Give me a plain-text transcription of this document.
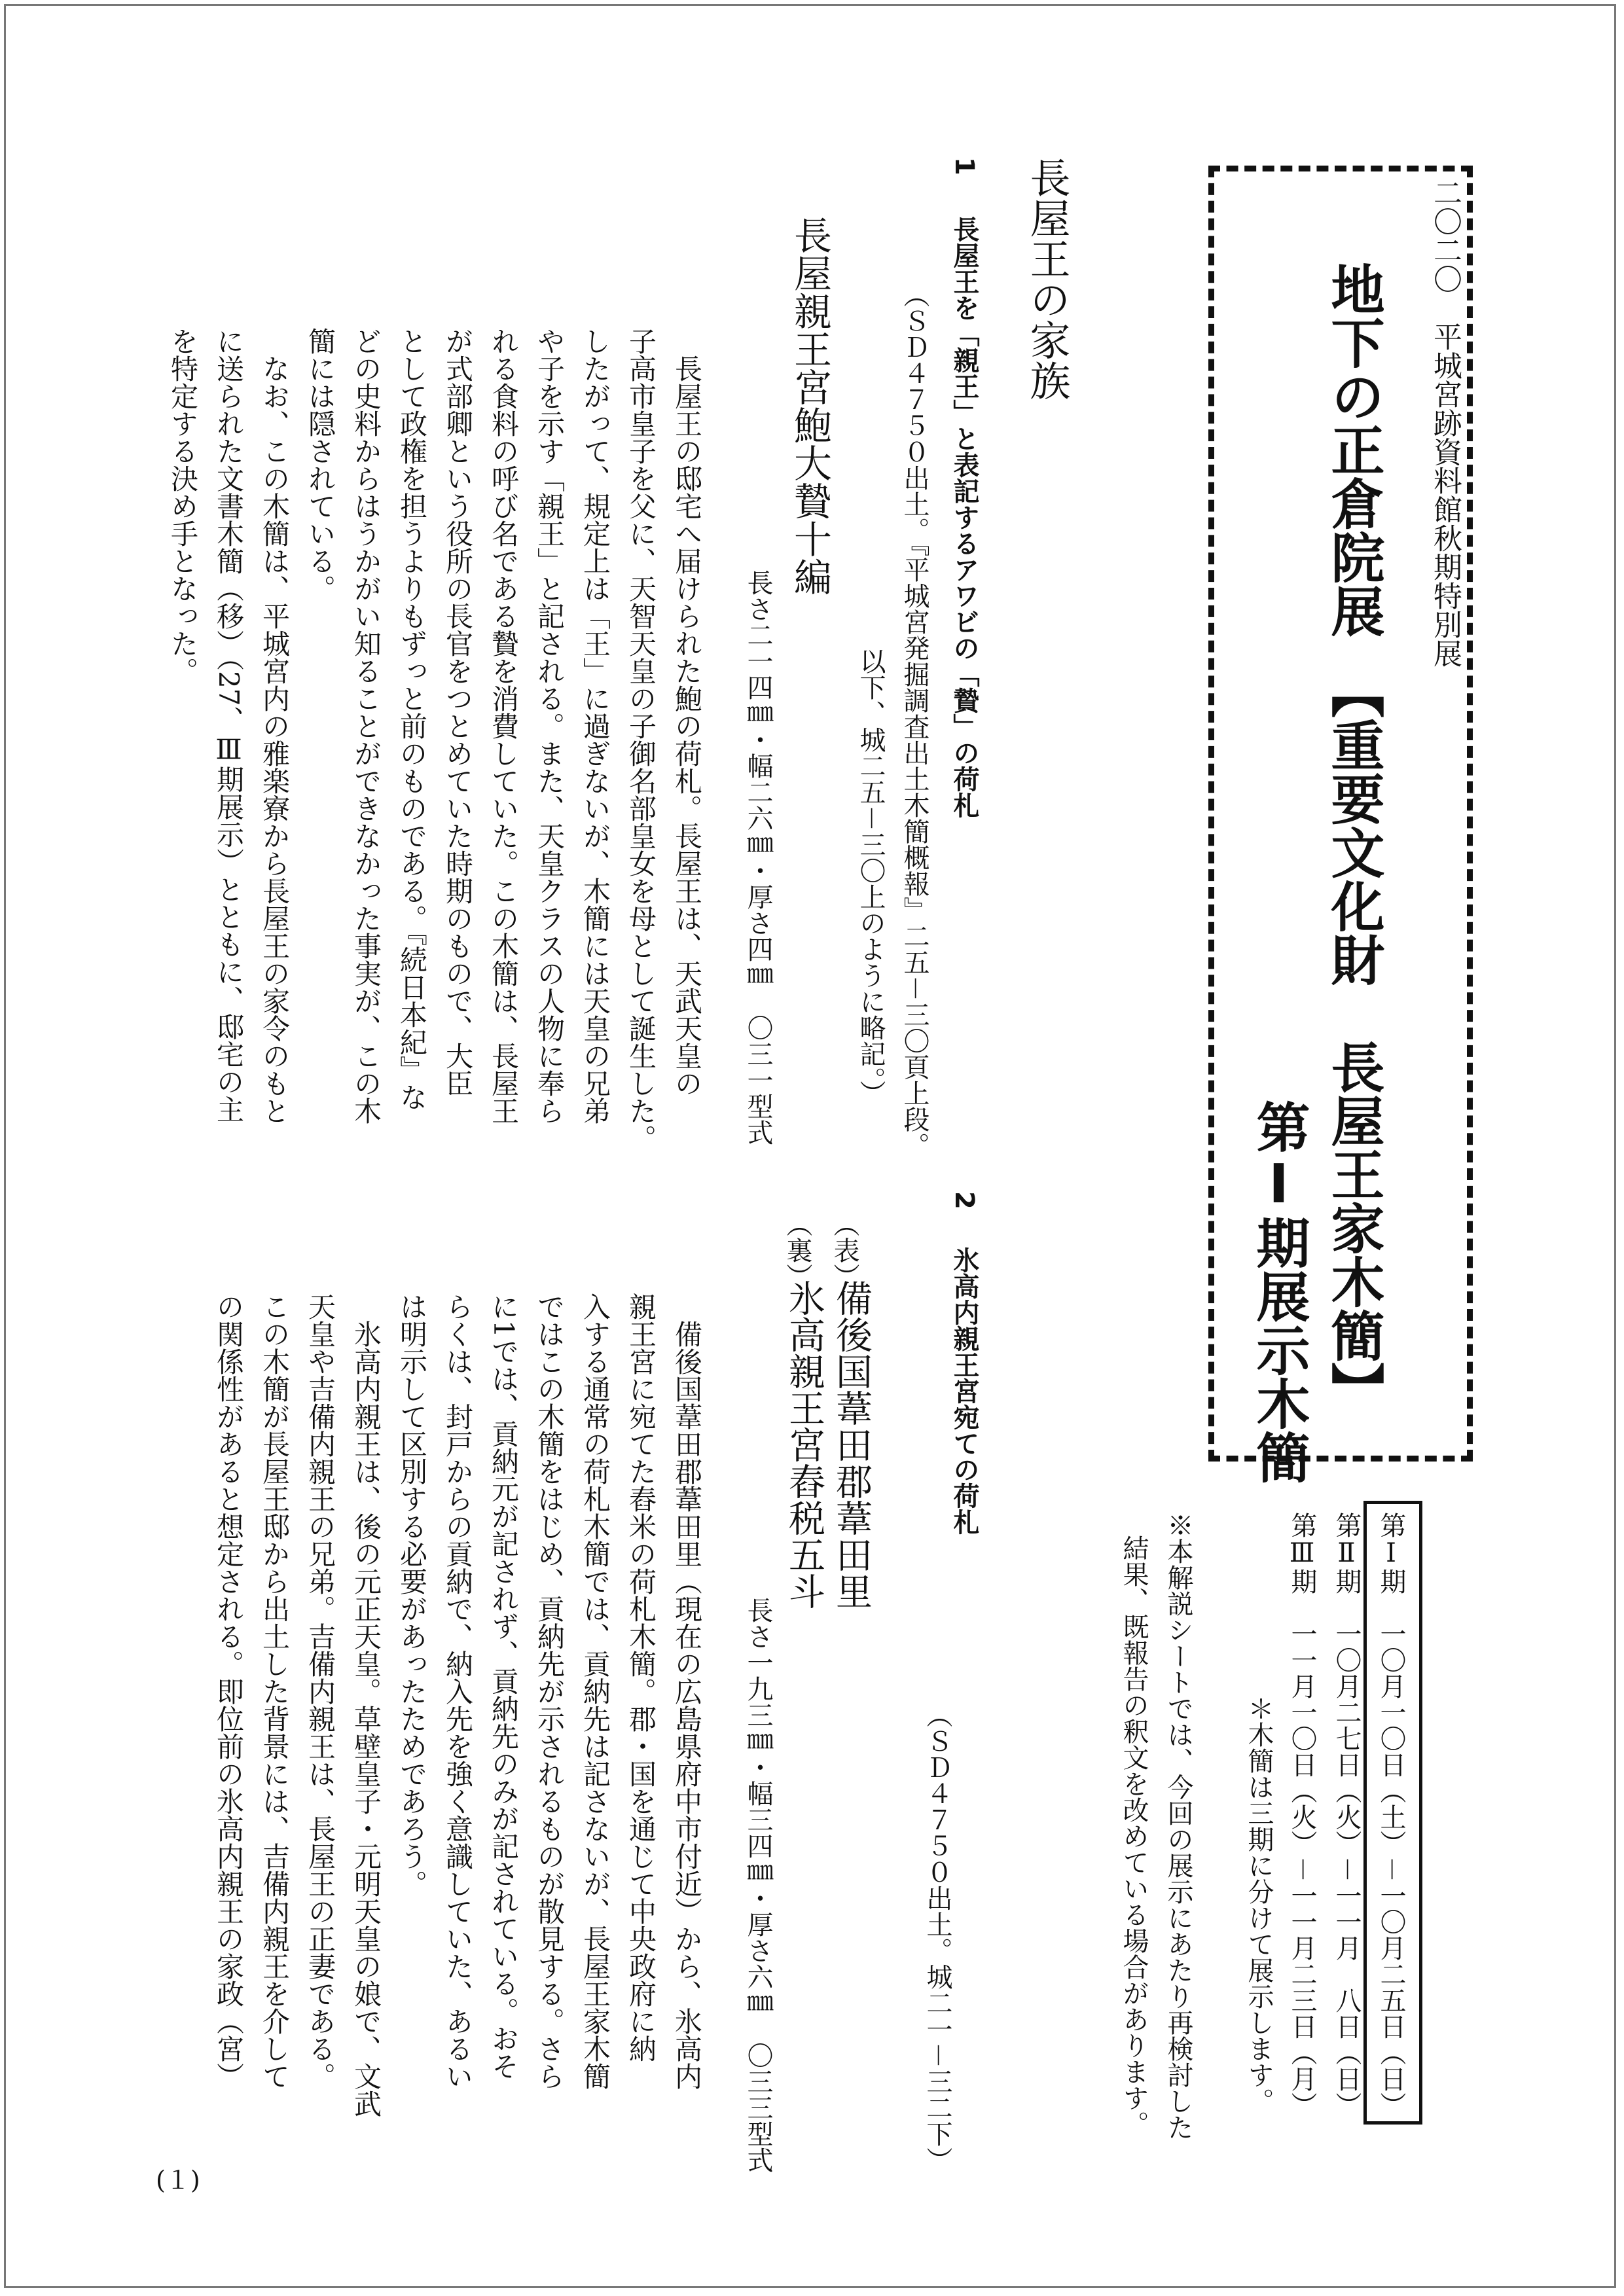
二〇二〇　平城宮跡資料館秋期特別展
地下の正倉院展　【重要文化財　長屋王家木簡】
第Ⅰ期展示木簡
第Ⅰ期　一〇月一〇日（土）－一〇月二五日（日）
第Ⅱ期　一〇月二七日（火）－一一月　八日（日）
第Ⅲ期　一一月一〇日（火）－一一月二三日（月）
＊木簡は三期に分けて展示します。
※本解説シートでは、今回の展示にあたり再検討した
結果、既報告の釈文を改めている場合があります。
長屋王の家族
1
長屋王を「親王」と表記するアワビの「贄」の荷札
（ＳＤ４７５０出土。『平城宮発掘調査出土木簡概報』二五－三〇頁上段。
以下、城二五－三〇上のように略記。）
長屋親王宮鮑大贄十編
長さ二一四㎜・幅二六㎜・厚さ四㎜　〇三一型式
　長屋王の邸宅へ届けられた鮑の荷札。長屋王は、天武天皇の
子高市皇子を父に、天智天皇の子御名部皇女を母として誕生した。
したがって、規定上は「王」に過ぎないが、木簡には天皇の兄弟
や子を示す「親王」と記される。また、天皇クラスの人物に奉ら
れる食料の呼び名である贄を消費していた。この木簡は、長屋王
が式部卿という役所の長官をつとめていた時期のもので、大臣
として政権を担うよりもずっと前のものである。『続日本紀』な
どの史料からはうかがい知ることができなかった事実が、この木
簡には隠されている。
　なお、この木簡は、平城宮内の雅楽寮から長屋王の家令のもと
に送られた文書木簡（移）（27、Ⅲ期展示）とともに、邸宅の主
を特定する決め手となった。
2
氷高内親王宮宛ての荷札
（表）
備後国葦田郡葦田里
（裏）
氷高親王宮舂税五斗
長さ一九三㎜・幅三四㎜・厚さ六㎜　〇三三型式	（ＳＤ４７５０出土。城二一－三二下）
　備後国葦田郡葦田里（現在の広島県府中市付近）から、氷高内
親王宮に宛てた舂米の荷札木簡。郡・国を通じて中央政府に納
入する通常の荷札木簡では、貢納先は記さないが、長屋王家木簡
ではこの木簡をはじめ、貢納先が示されるものが散見する。さら
に1では、貢納元が記されず、貢納先のみが記されている。おそ
らくは、封戸からの貢納で、納入先を強く意識していた、あるい
は明示して区別する必要があったためであろう。
　氷高内親王は、後の元正天皇。草壁皇子・元明天皇の娘で、文武
天皇や吉備内親王の兄弟。吉備内親王は、長屋王の正妻である。
この木簡が長屋王邸から出土した背景には、吉備内親王を介して
の関係性があると想定される。即位前の氷高内親王の家政（宮）
(１)
